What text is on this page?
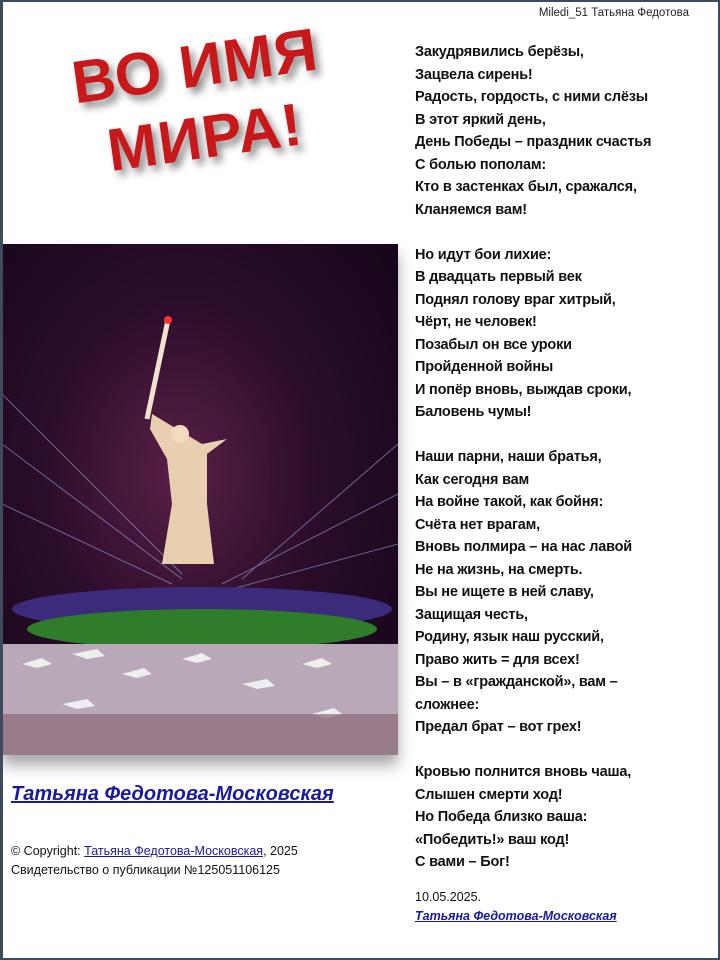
Miledi_51 Татьяна Федотова
ВО ИМЯ
МИРА!
Татьяна Федотова-Московская
© Copyright: Татьяна Федотова-Московская, 2025
Свидетельство о публикации №125051106125
Закудрявились берёзы,
Зацвела сирень!
Радость, гордость, с ними слёзы
В этот яркий день,
День Победы – праздник счастья
С болью пополам:
Кто в застенках был, сражался,
Кланяемся вам!
Но идут бои лихие:
В двадцать первый век
Поднял голову враг хитрый,
Чёрт, не человек!
Позабыл он все уроки
Пройденной войны
И попёр вновь, выждав сроки,
Баловень чумы!
Наши парни, наши братья,
Как сегодня вам
На войне такой, как бойня:
Счёта нет врагам,
Вновь полмира – на нас лавой
Не на жизнь, на смерть.
Вы не ищете в ней славу,
Защищая честь,
Родину, язык наш русский,
Право жить = для всех!
Вы – в «гражданской», вам –
сложнее:
Предал брат – вот грех!
Кровью полнится вновь чаша,
Слышен смерти ход!
Но Победа близко ваша:
«Победить!» ваш код!
С вами – Бог!
10.05.2025.
Татьяна Федотова-Московская
